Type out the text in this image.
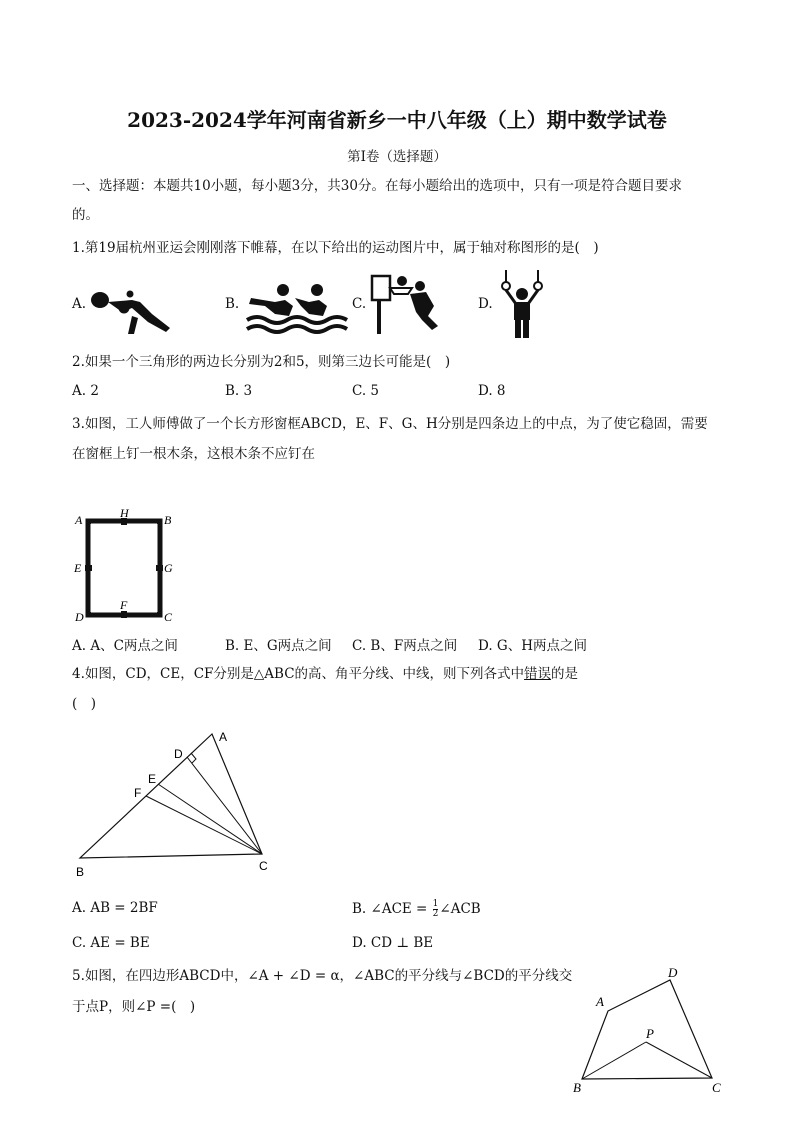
2023-2024学年河南省新乡一中八年级（上）期中数学试卷
第Ⅰ卷（选择题）
一、选择题：本题共10小题，每小题3分，共30分。在每小题给出的选项中，只有一项是符合题目要求
的。
1.第19届杭州亚运会刚刚落下帷幕，在以下给出的运动图片中，属于轴对称图形的是(　)
A.	B.	C.	D.
2.如果一个三角形的两边长分别为2和5，则第三边长可能是(　)
A. 2	B. 3	C. 5	D. 8
3.如图，工人师傅做了一个长方形窗框ABCD，E、F、G、H分别是四条边上的中点，为了使它稳固，需要
在窗框上钉一根木条，这根木条不应钉在
A	H	B
E	G
D
F
C
A. A、C两点之间	B. E、G两点之间 C. B、F两点之间 D. G、H两点之间
4.如图，CD，CE，CF分别是△ABC的高、角平分线、中线，则下列各式中错误的是
(　)
A
D
E
F
B	C
A. AB = 2BF	B. ∠ACE = $\frac{1}{2}$ ∠ACB
C. AE = BE	D. CD ⊥ BE
5.如图，在四边形ABCD中，∠A + ∠D = α，∠ABC的平分线与∠BCD的平分线交
于点P，则∠P =(　)
D
A
P
B	C
